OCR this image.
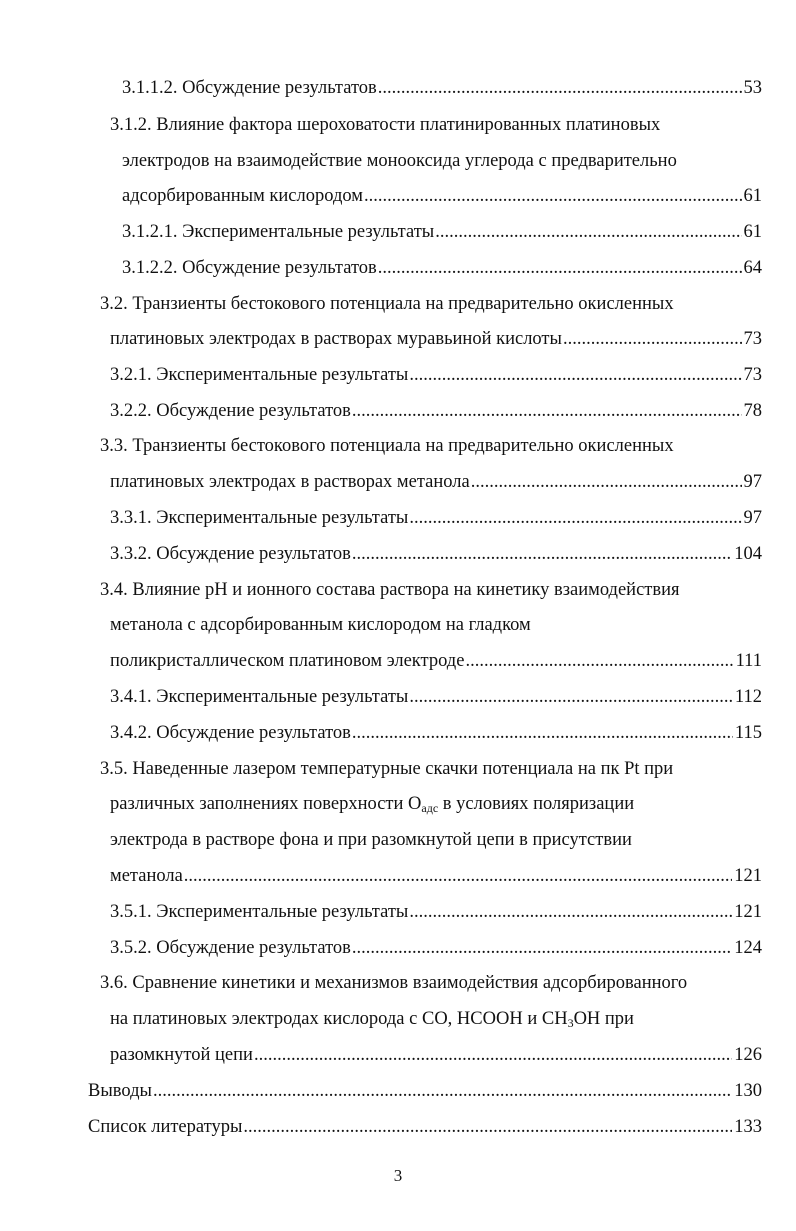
3.1.1.2. Обсуждение результатов .....	53
3.1.2. Влияние фактора шероховатости платинированных платиновых
электродов на взаимодействие монооксида углерода с предварительно
адсорбированным кислородом .....	61
3.1.2.1. Экспериментальные результаты .....	61
3.1.2.2. Обсуждение результатов .....	64
3.2. Транзиенты бестокового потенциала на предварительно окисленных
платиновых электродах в растворах муравьиной кислоты .....	73
3.2.1. Экспериментальные результаты .....	73
3.2.2. Обсуждение результатов .....	78
3.3. Транзиенты бестокового потенциала на предварительно окисленных
платиновых электродах в растворах метанола .....	97
3.3.1. Экспериментальные результаты .....	97
3.3.2. Обсуждение результатов .....	104
3.4. Влияние pH и ионного состава раствора на кинетику взаимодействия
метанола с адсорбированным кислородом на гладком
поликристаллическом платиновом электроде .....	111
3.4.1. Экспериментальные результаты .....	112
3.4.2. Обсуждение результатов .....	115
3.5. Наведенные лазером температурные скачки потенциала на пк Pt при
различных заполнениях поверхности $O_{адс}$ в условиях поляризации
электрода в растворе фона и при разомкнутой цепи в присутствии
метанола .....	121
3.5.1. Экспериментальные результаты .....	121
3.5.2. Обсуждение результатов .....	124
3.6. Сравнение кинетики и механизмов взаимодействия адсорбированного
на платиновых электродах кислорода с CO, HCOOH и $CH_3OH$ при
разомкнутой цепи .....	126
Выводы .....	130
Список литературы .....	133
3
